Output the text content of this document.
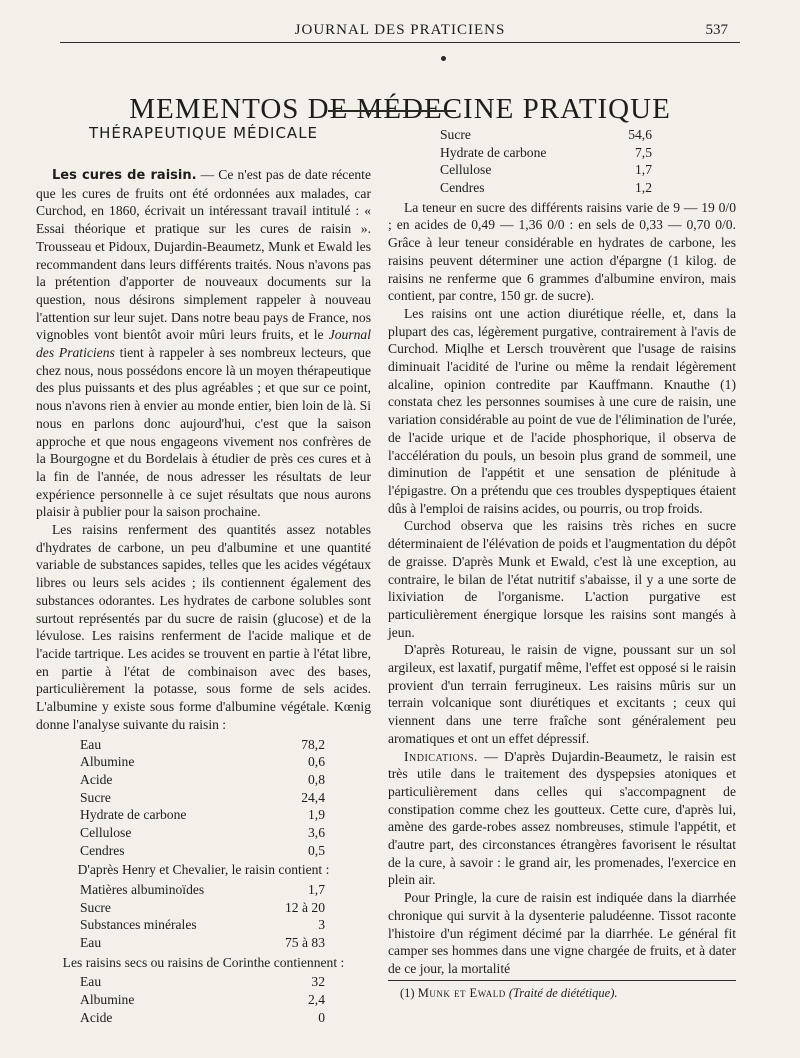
JOURNAL DES PRATICIENS	537
MEMENTOS DE MÉDECINE PRATIQUE
THÉRAPEUTIQUE MÉDICALE

Les cures de raisin. — Ce n'est pas de date récente que les cures de fruits ont été ordonnées aux malades, car Curchod, en 1860, écrivait un intéressant travail intitulé : « Essai théorique et pratique sur les cures de raisin ». Trousseau et Pidoux, Dujardin-Beaumetz, Munk et Ewald les recommandent dans leurs différents traités. Nous n'avons pas la prétention d'apporter de nouveaux documents sur la question, nous désirons simplement rappeler à nouveau l'attention sur leur sujet. Dans notre beau pays de France, nos vignobles vont bientôt avoir mûri leurs fruits, et le Journal des Praticiens tient à rappeler à ses nombreux lecteurs, que chez nous, nous possédons encore là un moyen thérapeutique des plus puissants et des plus agréables ; et que sur ce point, nous n'avons rien à envier au monde entier, bien loin de là. Si nous en parlons donc aujourd'hui, c'est que la saison approche et que nous engageons vivement nos confrères de la Bourgogne et du Bordelais à étudier de près ces cures et à la fin de l'année, de nous adresser les résultats de leur expérience personnelle à ce sujet résultats que nous aurons plaisir à publier pour la saison prochaine.

Les raisins renferment des quantités assez notables d'hydrates de carbone, un peu d'albumine et une quantité variable de substances sapides, telles que les acides végétaux libres ou leurs sels acides ; ils contiennent également des substances odorantes. Les hydrates de carbone solubles sont surtout représentés par du sucre de raisin (glucose) et de la lévulose. Les raisins renferment de l'acide malique et de l'acide tartrique. Les acides se trouvent en partie à l'état libre, en partie à l'état de combinaison avec des bases, particulièrement la potasse, sous forme de sels acides. L'albumine y existe sous forme d'albumine végétale. Kœnig donne l'analyse suivante du raisin :

Eau	78,2
Albumine	0,6
Acide	0,8
Sucre	24,4
Hydrate de carbone	1,9
Cellulose	3,6
Cendres	0,5

D'après Henry et Chevalier, le raisin contient :

Matières albuminoïdes	1,7
Sucre	12 à 20
Substances minérales	3
Eau	75 à 83

Les raisins secs ou raisins de Corinthe contiennent :

Eau	32
Albumine	2,4
Acide	0
Sucre	54,6
Hydrate de carbone	7,5
Cellulose	1,7
Cendres	1,2

La teneur en sucre des différents raisins varie de 9 — 19 0/0 ; en acides de 0,49 — 1,36 0/0 : en sels de 0,33 — 0,70 0/0. Grâce à leur teneur considérable en hydrates de carbone, les raisins peuvent déterminer une action d'épargne (1 kilog. de raisins ne renferme que 6 grammes d'albumine environ, mais contient, par contre, 150 gr. de sucre).

Les raisins ont une action diurétique réelle, et, dans la plupart des cas, légèrement purgative, contrairement à l'avis de Curchod. Miqlhe et Lersch trouvèrent que l'usage de raisins diminuait l'acidité de l'urine ou même la rendait légèrement alcaline, opinion contredite par Kauffmann. Knauthe (1) constata chez les personnes soumises à une cure de raisin, une variation considérable au point de vue de l'élimination de l'urée, de l'acide urique et de l'acide phosphorique, il observa de l'accélération du pouls, un besoin plus grand de sommeil, une diminution de l'appétit et une sensation de plénitude à l'épigastre. On a prétendu que ces troubles dyspeptiques étaient dûs à l'emploi de raisins acides, ou pourris, ou trop froids.

Curchod observa que les raisins très riches en sucre déterminaient de l'élévation de poids et l'augmentation du dépôt de graisse. D'après Munk et Ewald, c'est là une exception, au contraire, le bilan de l'état nutritif s'abaisse, il y a une sorte de lixiviation de l'organisme. L'action purgative est particulièrement énergique lorsque les raisins sont mangés à jeun.

D'après Rotureau, le raisin de vigne, poussant sur un sol argileux, est laxatif, purgatif même, l'effet est opposé si le raisin provient d'un terrain ferrugineux. Les raisins mûris sur un terrain volcanique sont diurétiques et excitants ; ceux qui viennent dans une terre fraîche sont généralement peu aromatiques et ont un effet dépressif.

Indications. — D'après Dujardin-Beaumetz, le raisin est très utile dans le traitement des dyspepsies atoniques et particulièrement dans celles qui s'accompagnent de constipation comme chez les goutteux. Cette cure, d'après lui, amène des garde-robes assez nombreuses, stimule l'appétit, et d'autre part, des circonstances étrangères favorisent le résultat de la cure, à savoir : le grand air, les promenades, l'exercice en plein air.

Pour Pringle, la cure de raisin est indiquée dans la diarrhée chronique qui survit à la dysenterie paludéenne. Tissot raconte l'histoire d'un régiment décimé par la diarrhée. Le général fit camper ses hommes dans une vigne chargée de fruits, et à dater de ce jour, la mortalité

(1) Munk et Ewald (Traité de diététique).
